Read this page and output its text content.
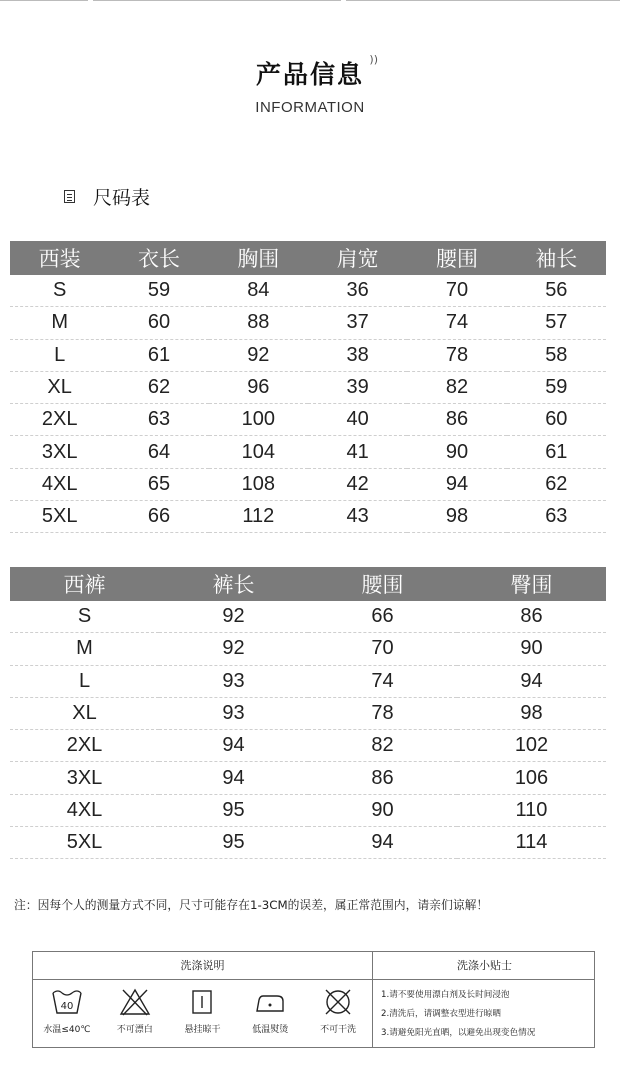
产品信息
))
INFORMATION
尺码表
西装	衣长	胸围	肩宽	腰围	袖长
S	59	84	36	70	56
M	60	88	37	74	57
L	61	92	38	78	58
XL	62	96	39	82	59
2XL	63	100	40	86	60
3XL	64	104	41	90	61
4XL	65	108	42	94	62
5XL	66	112	43	98	63
西裤	裤长	腰围	臀围
S	92	66	86
M	92	70	90
L	93	74	94
XL	93	78	98
2XL	94	82	102
3XL	94	86	106
4XL	95	90	110
5XL	95	94	114
注：因每个人的测量方式不同，尺寸可能存在1-3CM的误差，属正常范围内，请亲们谅解！
洗涤说明	洗涤小贴士
40
水温≤40℃	不可漂白	悬挂晾干	低温熨烫	不可干洗
1.请不要使用漂白剂及长时间浸泡
2.清洗后，请调整衣型进行晾晒
3.请避免阳光直晒，以避免出现变色情况
